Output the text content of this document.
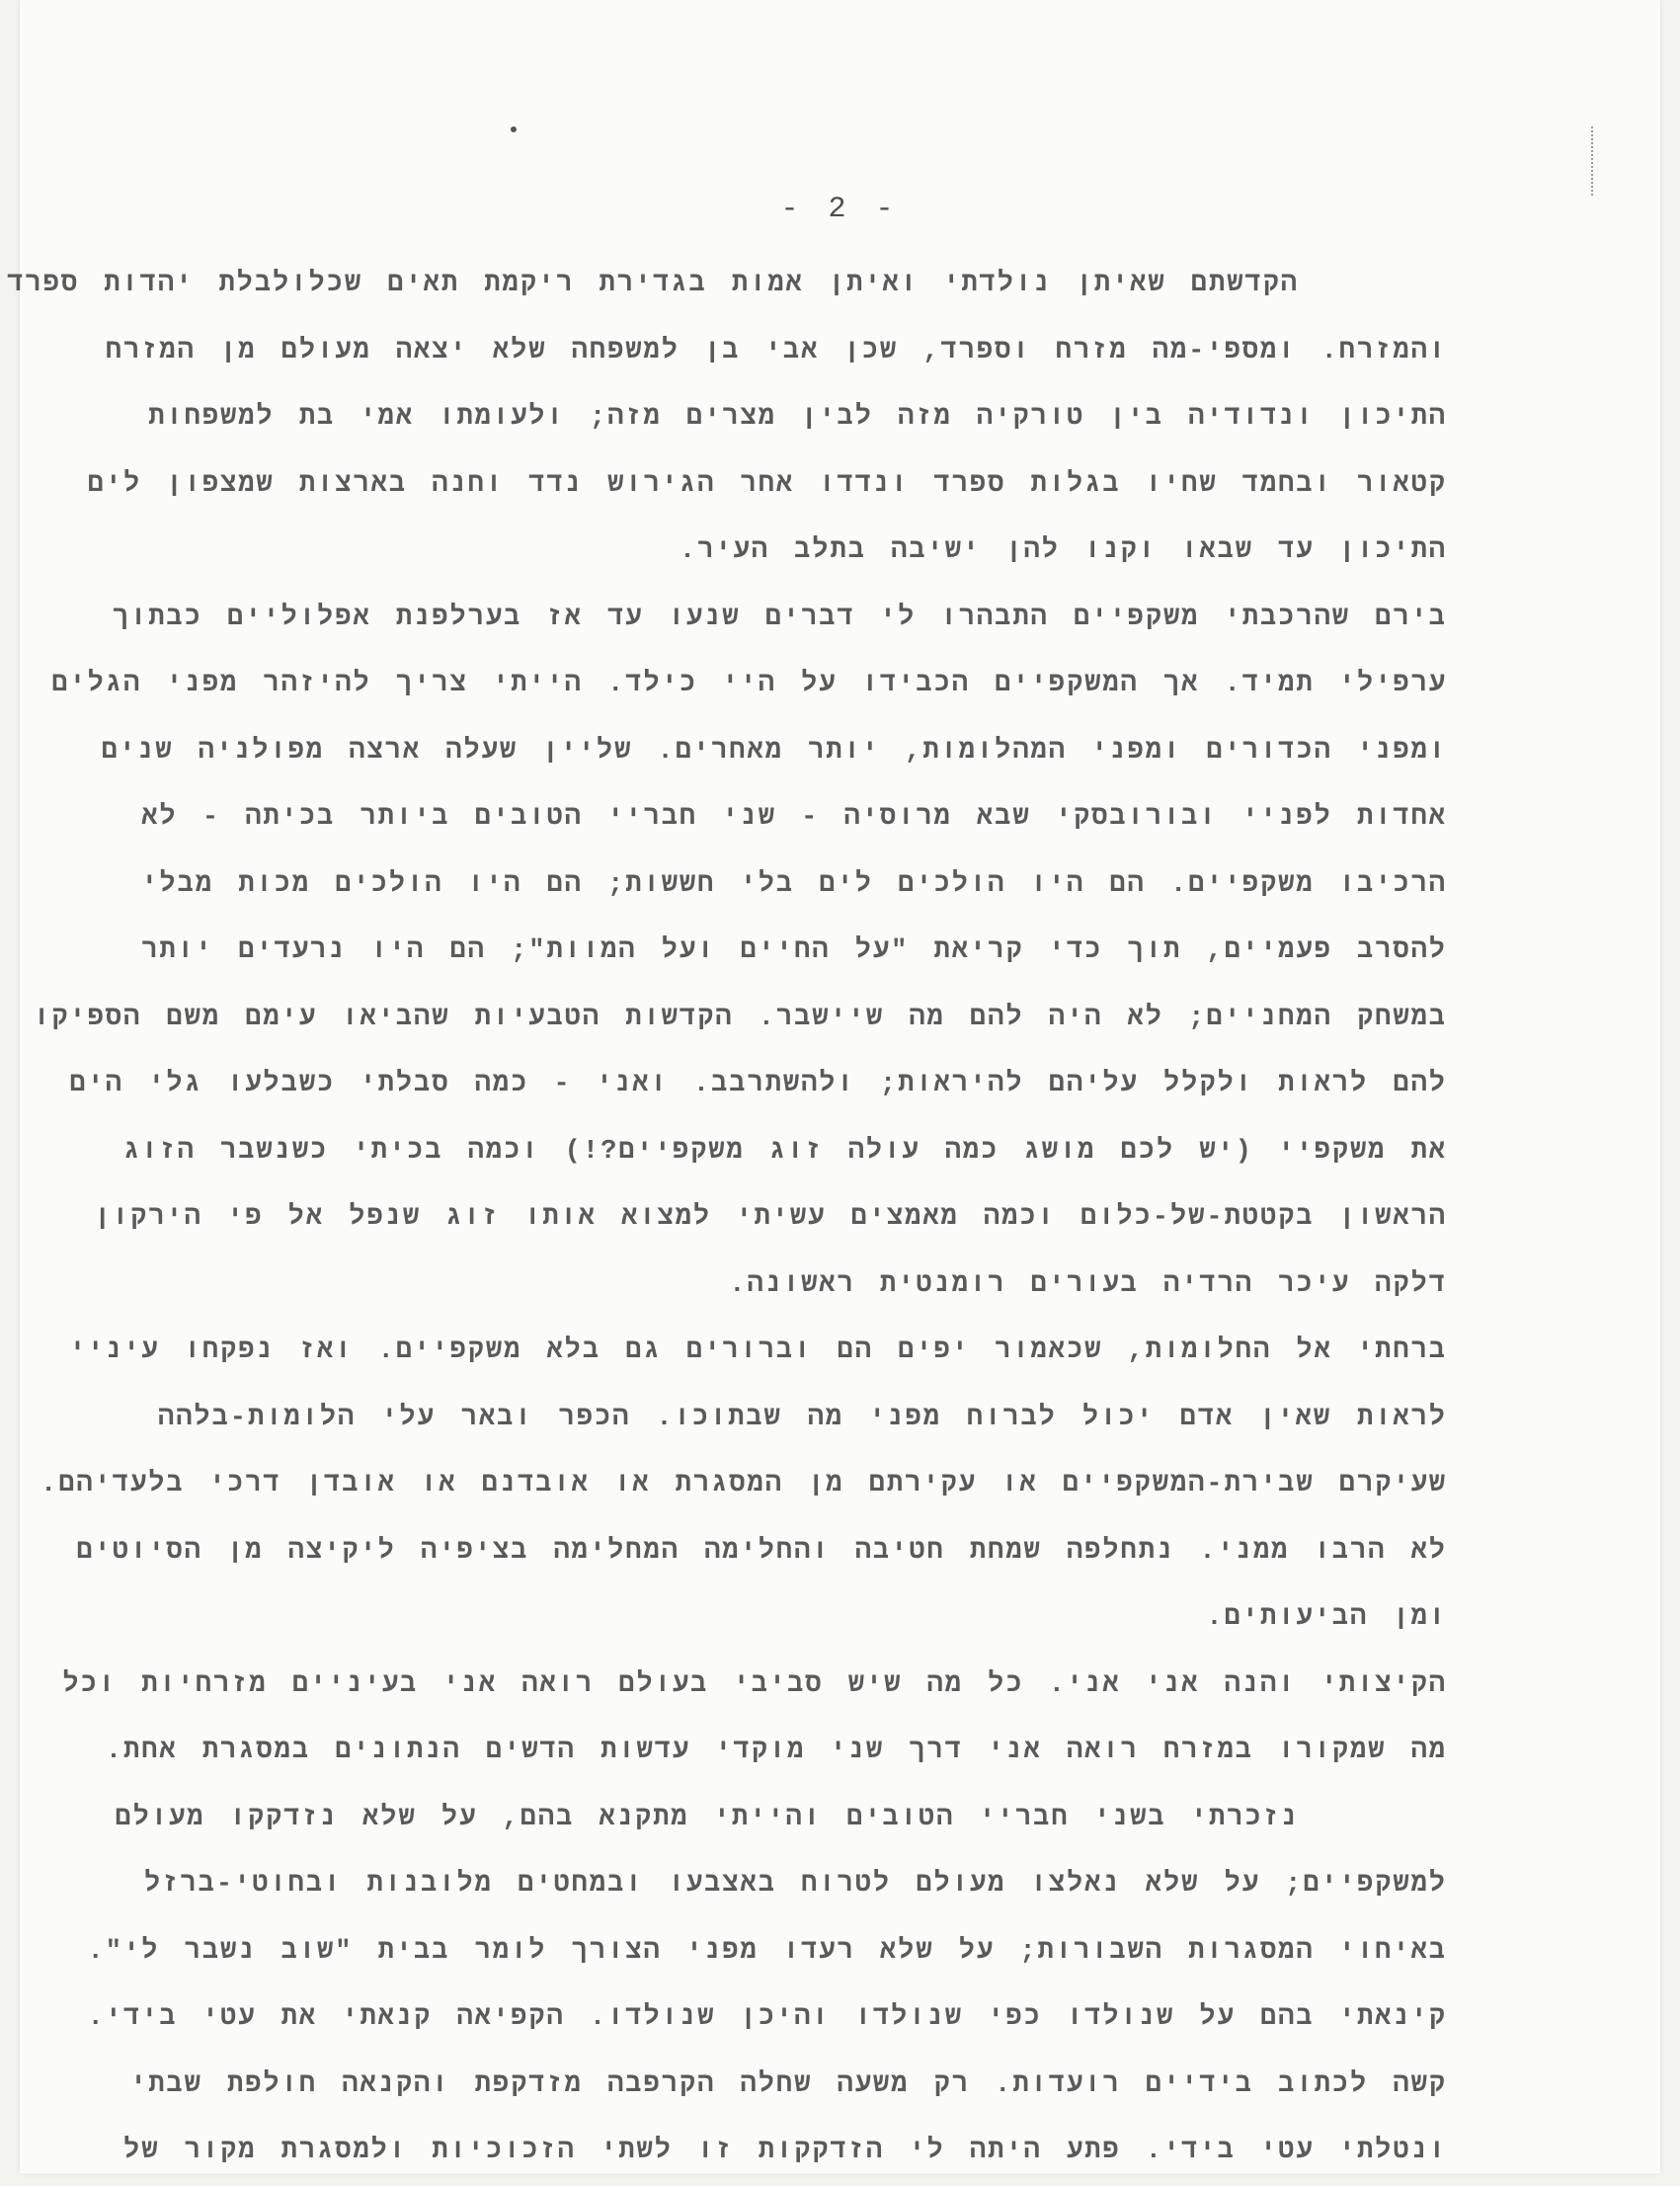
- 2 -
הקדשתם שאיתן נולדתי ואיתן אמות בגדירת ריקמת תאים שכלולבלת יהדות ספרד
והמזרח. ומספי-מה מזרח וספרד, שכן אבי בן למשפחה שלא יצאה מעולם מן המזרח
התיכון ונדודיה בין טורקיה מזה לבין מצרים מזה; ולעומתו אמי בת למשפחות
קטאור ובחמד שחיו בגלות ספרד ונדדו אחר הגירוש נדד וחנה בארצות שמצפון לים
התיכון עד שבאו וקנו להן ישיבה בתלב העיר.
בירם שהרכבתי משקפיים התבהרו לי דברים שנעו עד אז בערלפנת אפלוליים כבתוך
ערפילי תמיד. אך המשקפיים הכבידו על היי כילד. הייתי צריך להיזהר מפני הגלים
ומפני הכדורים ומפני המהלומות, יותר מאחרים. שליין שעלה ארצה מפולניה שנים
אחדות לפניי ובורובסקי שבא מרוסיה - שני חבריי הטובים ביותר בכיתה - לא
הרכיבו משקפיים. הם היו הולכים לים בלי חששות; הם היו הולכים מכות מבלי
להסרב פעמיים, תוך כדי קריאת "על החיים ועל המוות"; הם היו נרעדים יותר
במשחק המחניים; לא היה להם מה שיישבר. הקדשות הטבעיות שהביאו עימם משם הספיקו
להם לראות ולקלל עליהם להיראות; ולהשתרבב. ואני - כמה סבלתי כשבלעו גלי הים
את משקפיי (יש לכם מושג כמה עולה זוג משקפיים?!) וכמה בכיתי כשנשבר הזוג
הראשון בקטטת-של-כלום וכמה מאמצים עשיתי למצוא אותו זוג שנפל אל פי הירקון
דלקה עיכר הרדיה בעורים רומנטית ראשונה.
ברחתי אל החלומות, שכאמור יפים הם וברורים גם בלא משקפיים. ואז נפקחו עיניי
לראות שאין אדם יכול לברוח מפני מה שבתוכו. הכפר ובאר עלי הלומות-בלהה
שעיקרם שבירת-המשקפיים או עקירתם מן המסגרת או אובדנם או אובדן דרכי בלעדיהם.
לא הרבו ממני. נתחלפה שמחת חטיבה והחלימה המחלימה בציפיה ליקיצה מן הסיוטים
ומן הביעותים.
הקיצותי והנה אני אני. כל מה שיש סביבי בעולם רואה אני בעיניים מזרחיות וכל
מה שמקורו במזרח רואה אני דרך שני מוקדי עדשות הדשים הנתונים במסגרת אחת.
נזכרתי בשני חבריי הטובים והייתי מתקנא בהם, על שלא נזדקקו מעולם
למשקפיים; על שלא נאלצו מעולם לטרוח באצבעו ובמחטים מלובנות ובחוטי-ברזל
באיחוי המסגרות השבורות; על שלא רעדו מפני הצורך לומר בבית "שוב נשבר לי".
קינאתי בהם על שנולדו כפי שנולדו והיכן שנולדו. הקפיאה קנאתי את עטי בידי.
קשה לכתוב בידיים רועדות. רק משעה שחלה הקרפבה מזדקפת והקנאה חולפת שבתי
ונטלתי עטי בידי. פתע היתה לי הזדקקות זו לשתי הזכוכיות ולמסגרת מקור של
